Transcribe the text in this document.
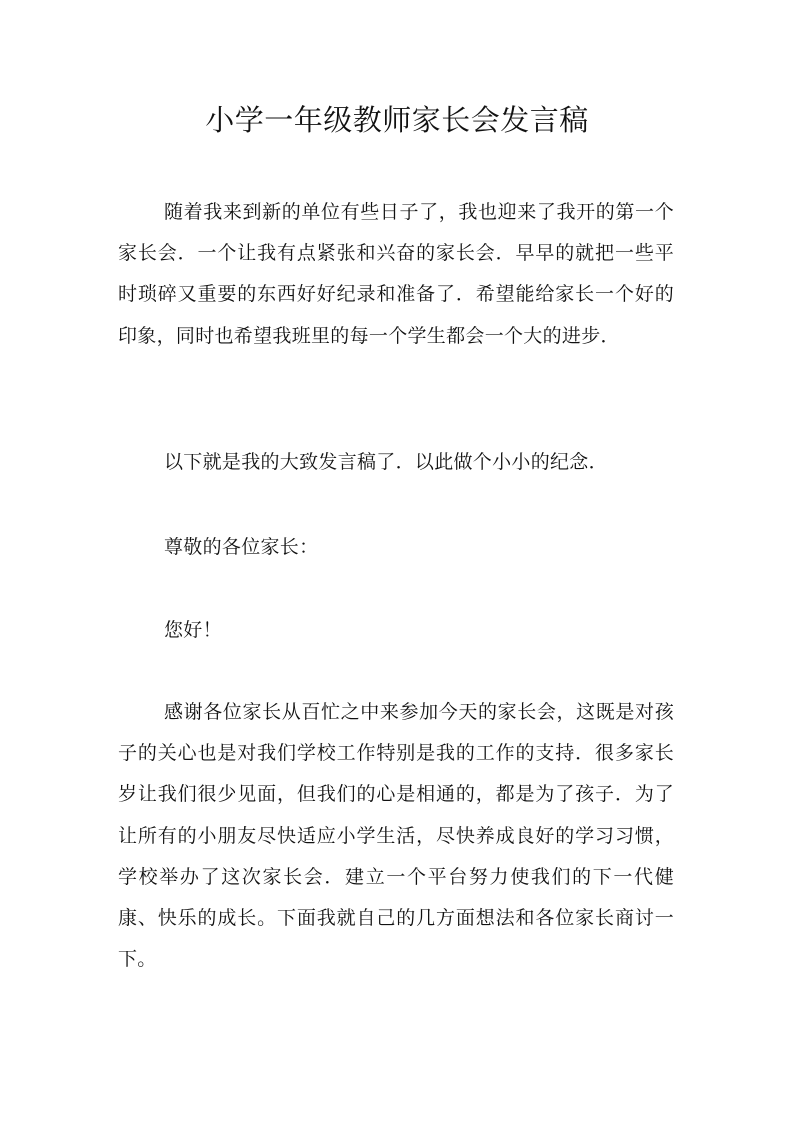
小学一年级教师家长会发言稿

随着我来到新的单位有些日子了，我也迎来了我开的第一个家长会．一个让我有点紧张和兴奋的家长会．早早的就把一些平时琐碎又重要的东西好好纪录和准备了．希望能给家长一个好的印象，同时也希望我班里的每一个学生都会一个大的进步．

以下就是我的大致发言稿了．以此做个小小的纪念．

尊敬的各位家长：

您好！

感谢各位家长从百忙之中来参加今天的家长会，这既是对孩子的关心也是对我们学校工作特别是我的工作的支持．很多家长岁让我们很少见面，但我们的心是相通的，都是为了孩子．为了让所有的小朋友尽快适应小学生活，尽快养成良好的学习习惯，学校举办了这次家长会．建立一个平台努力使我们的下一代健康、快乐的成长。下面我就自己的几方面想法和各位家长商讨一下。
